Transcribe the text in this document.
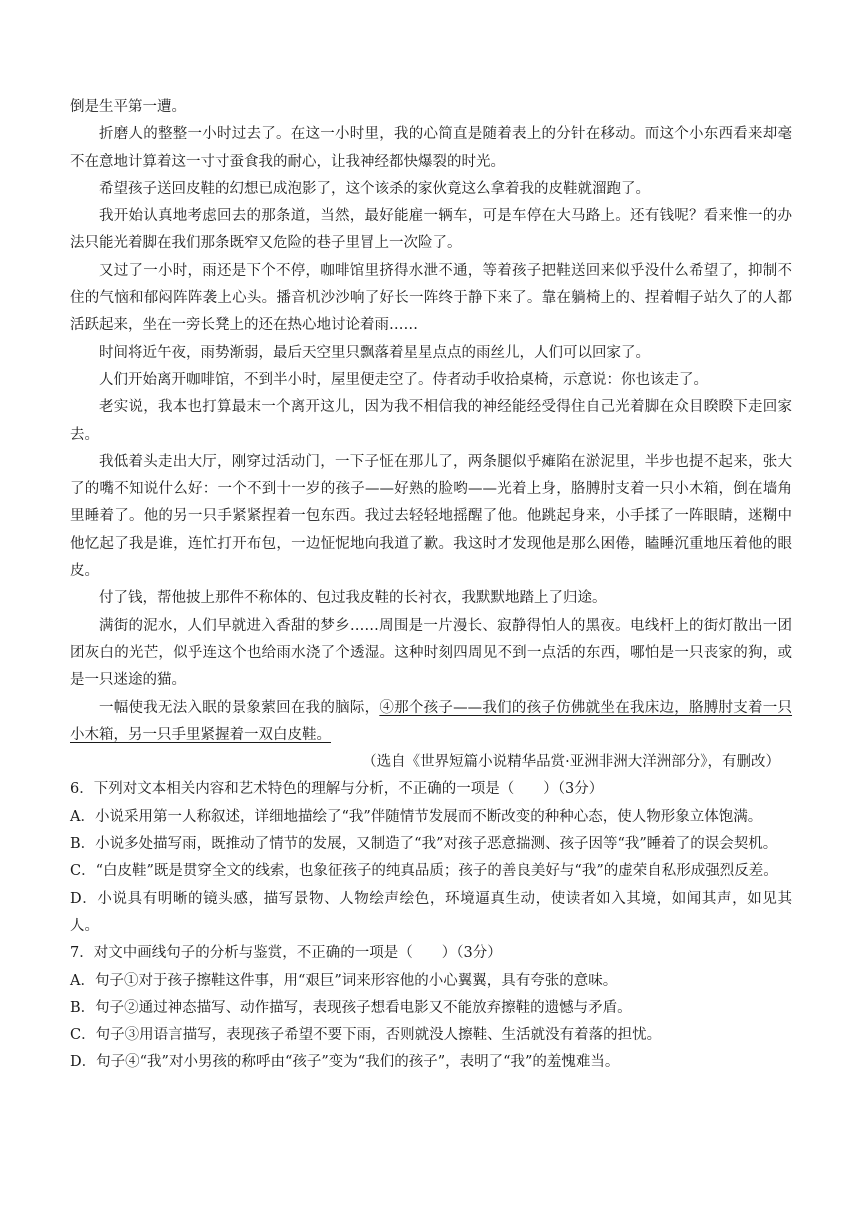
倒是生平第一遭。

折磨人的整整一小时过去了。在这一小时里，我的心简直是随着表上的分针在移动。而这个小东西看来却毫不在意地计算着这一寸寸蚕食我的耐心，让我神经都快爆裂的时光。

希望孩子送回皮鞋的幻想已成泡影了，这个该杀的家伙竟这么拿着我的皮鞋就溜跑了。

我开始认真地考虑回去的那条道，当然，最好能雇一辆车，可是车停在大马路上。还有钱呢？看来惟一的办法只能光着脚在我们那条既窄又危险的巷子里冒上一次险了。

又过了一小时，雨还是下个不停，咖啡馆里挤得水泄不通，等着孩子把鞋送回来似乎没什么希望了，抑制不住的气恼和郁闷阵阵袭上心头。播音机沙沙响了好长一阵终于静下来了。靠在躺椅上的、捏着帽子站久了的人都活跃起来，坐在一旁长凳上的还在热心地讨论着雨……

时间将近午夜，雨势渐弱，最后天空里只飘落着星星点点的雨丝儿，人们可以回家了。

人们开始离开咖啡馆，不到半小时，屋里便走空了。侍者动手收拾桌椅，示意说：你也该走了。

老实说，我本也打算最末一个离开这儿，因为我不相信我的神经能经受得住自己光着脚在众目睽睽下走回家去。

我低着头走出大厅，刚穿过活动门，一下子怔在那儿了，两条腿似乎瘫陷在淤泥里，半步也提不起来，张大了的嘴不知说什么好：一个不到十一岁的孩子——好熟的脸哟——光着上身，胳膊肘支着一只小木箱，倒在墙角里睡着了。他的另一只手紧紧捏着一包东西。我过去轻轻地摇醒了他。他跳起身来，小手揉了一阵眼睛，迷糊中他忆起了我是谁，连忙打开布包，一边怔怩地向我道了歉。我这时才发现他是那么困倦，瞌睡沉重地压着他的眼皮。

付了钱，帮他披上那件不称体的、包过我皮鞋的长衬衣，我默默地踏上了归途。

满街的泥水，人们早就进入香甜的梦乡……周围是一片漫长、寂静得怕人的黑夜。电线杆上的街灯散出一团团灰白的光芒，似乎连这个也给雨水浇了个透湿。这种时刻四周见不到一点活的东西，哪怕是一只丧家的狗，或是一只迷途的猫。

一幅使我无法入眠的景象萦回在我的脑际，④那个孩子——我们的孩子仿佛就坐在我床边，胳膊肘支着一只小木箱，另一只手里紧握着一双白皮鞋。

（选自《世界短篇小说精华品赏·亚洲非洲大洋洲部分》，有删改）

6．下列对文本相关内容和艺术特色的理解与分析，不正确的一项是（　　）（3分）

A．小说采用第一人称叙述，详细地描绘了“我”伴随情节发展而不断改变的种种心态，使人物形象立体饱满。

B．小说多处描写雨，既推动了情节的发展，又制造了“我”对孩子恶意揣测、孩子因等“我”睡着了的误会契机。

C．“白皮鞋”既是贯穿全文的线索，也象征孩子的纯真品质；孩子的善良美好与“我”的虚荣自私形成强烈反差。

D．小说具有明晰的镜头感，描写景物、人物绘声绘色，环境逼真生动，使读者如入其境，如闻其声，如见其人。

7．对文中画线句子的分析与鉴赏，不正确的一项是（　　）（3分）

A．句子①对于孩子擦鞋这件事，用“艰巨”词来形容他的小心翼翼，具有夸张的意味。

B．句子②通过神态描写、动作描写，表现孩子想看电影又不能放弃擦鞋的遗憾与矛盾。

C．句子③用语言描写，表现孩子希望不要下雨，否则就没人擦鞋、生活就没有着落的担忧。

D．句子④“我”对小男孩的称呼由“孩子”变为“我们的孩子”，表明了“我”的羞愧难当。
